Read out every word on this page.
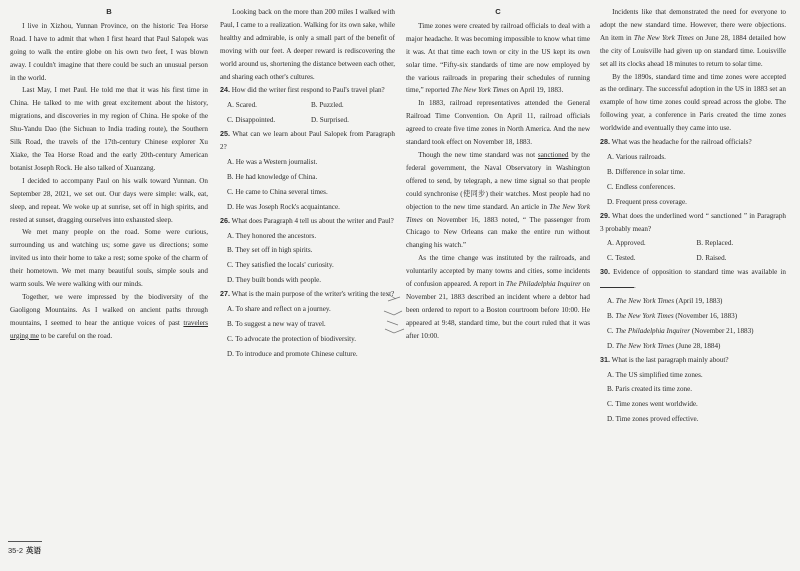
B

I live in Xizhou, Yunnan Province, on the historic Tea Horse Road. I have to admit that when I first heard that Paul Salopek was going to walk the entire globe on his own two feet, I was blown away. I couldn't imagine that there could be such an unusual person in the world.

Last May, I met Paul. He told me that it was his first time in China. He talked to me with great excitement about the history, migrations, and discoveries in my region of China. He spoke of the Shu-Yandu Dao (the Sichuan to India trading route), the Southern Silk Road, the travels of the 17th-century Chinese explorer Xu Xiake, the Tea Horse Road and the early 20th-century American botanist Joseph Rock. He also talked of Xuanzang.

I decided to accompany Paul on his walk toward Yunnan. On September 28, 2021, we set out. Our days were simple: walk, eat, sleep, and repeat. We woke up at sunrise, set off in high spirits, and rested at sunset, dragging ourselves into exhausted sleep.

We met many people on the road. Some were curious, surrounding us and watching us; some gave us directions; some invited us into their home to take a rest; some spoke of the charm of their hometown. We met many beautiful souls, simple souls and warm souls. We were walking with our minds.

Together, we were impressed by the biodiversity of the Gaoligong Mountains. As I walked on ancient paths through mountains, I seemed to hear the antique voices of past travelers urging me to be careful on the road.

Looking back on the more than 200 miles I walked with Paul, I came to a realization. Walking for its own sake, while healthy and admirable, is only a small part of the benefit of moving with our feet. A deeper reward is rediscovering the world around us, shortening the distance between each other, and sharing each other's cultures.

24. How did the writer first respond to Paul's travel plan?
A. Scared.	B. Puzzled.
C. Disappointed.	D. Surprised.
25. What can we learn about Paul Salopek from Paragraph 2?
A. He was a Western journalist.
B. He had knowledge of China.
C. He came to China several times.
D. He was Joseph Rock's acquaintance.
26. What does Paragraph 4 tell us about the writer and Paul?
A. They honored the ancestors.
B. They set off in high spirits.
C. They satisfied the locals' curiosity.
D. They built bonds with people.
27. What is the main purpose of the writer's writing the text?
A. To share and reflect on a journey.
B. To suggest a new way of travel.
C. To advocate the protection of biodiversity.
D. To introduce and promote Chinese culture.
C

Time zones were created by railroad officials to deal with a major headache. It was becoming impossible to know what time it was. At that time each town or city in the US kept its own solar time. “Fifty-six standards of time are now employed by the various railroads in preparing their schedules of running time,” reported The New York Times on April 19, 1883.

In 1883, railroad representatives attended the General Railroad Time Convention. On April 11, railroad officials agreed to create five time zones in North America. And the new standard took effect on November 18, 1883.

Though the new time standard was not sanctioned by the federal government, the Naval Observatory in Washington offered to send, by telegraph, a new time signal so that people could synchronise (使同步) their watches. Most people had no objection to the new time standard. An article in The New York Times on November 16, 1883 noted, “ The passenger from Chicago to New Orleans can make the entire run without changing his watch.”

As the time change was instituted by the railroads, and voluntarily accepted by many towns and cities, some incidents of confusion appeared. A report in The Philadelphia Inquirer on November 21, 1883 described an incident where a debtor had been ordered to report to a Boston courtroom before 10:00. He appeared at 9:48, standard time, but the court ruled that it was after 10:00.

Incidents like that demonstrated the need for everyone to adopt the new standard time. However, there were objections. An item in The New York Times on June 28, 1884 detailed how the city of Louisville had given up on standard time. Louisville set all its clocks ahead 18 minutes to return to solar time.

By the 1890s, standard time and time zones were accepted as the ordinary. The successful adoption in the US in 1883 set an example of how time zones could spread across the globe. The following year, a conference in Paris created the time zones worldwide and eventually they came into use.

28. What was the headache for the railroad officials?
A. Various railroads.
B. Difference in solar time.
C. Endless conferences.
D. Frequent press coverage.
29. What does the underlined word “ sanctioned ” in Paragraph 3 probably mean?
A. Approved.	B. Replaced.
C. Tested.	D. Raised.
30. Evidence of opposition to standard time was available in .
A. The New York Times (April 19, 1883)
B. The New York Times (November 16, 1883)
C. The Philadelphia Inquirer (November 21, 1883)
D. The New York Times (June 28, 1884)
31. What is the last paragraph mainly about?
A. The US simplified time zones.
B. Paris created its time zone.
C. Time zones went worldwide.
D. Time zones proved effective.
35-2 英语
